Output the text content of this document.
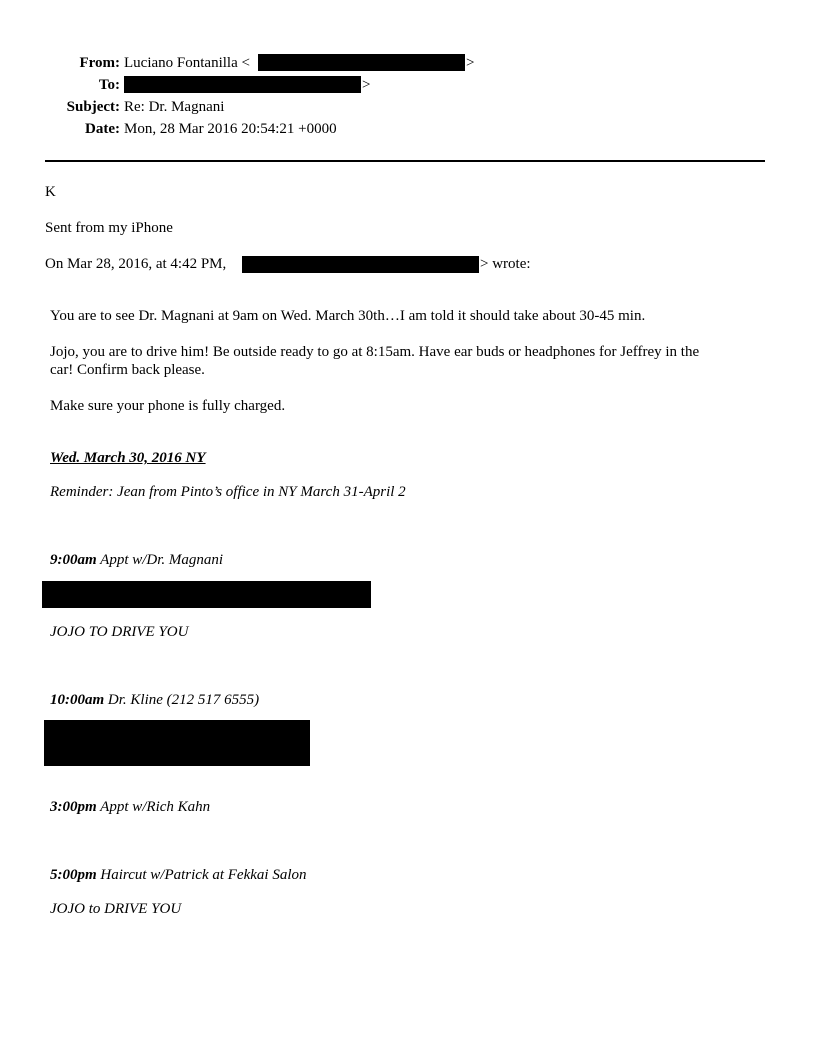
From: Luciano Fontanilla <	>
To:	>
Subject: Re: Dr. Magnani
Date: Mon, 28 Mar 2016 20:54:21 +0000
K
Sent from my iPhone
On Mar 28, 2016, at 4:42 PM,	> wrote:
You are to see Dr. Magnani at 9am on Wed. March 30th…I am told it should take about 30-45 min.
Jojo, you are to drive him! Be outside ready to go at 8:15am. Have ear buds or headphones for Jeffrey in the
car! Confirm back please.
Make sure your phone is fully charged.
Wed. March 30, 2016 NY
Reminder: Jean from Pinto’s office in NY March 31-April 2
9:00am Appt w/Dr. Magnani
JOJO TO DRIVE YOU
10:00am Dr. Kline (212 517 6555)
3:00pm Appt w/Rich Kahn
5:00pm Haircut w/Patrick at Fekkai Salon
JOJO to DRIVE YOU
